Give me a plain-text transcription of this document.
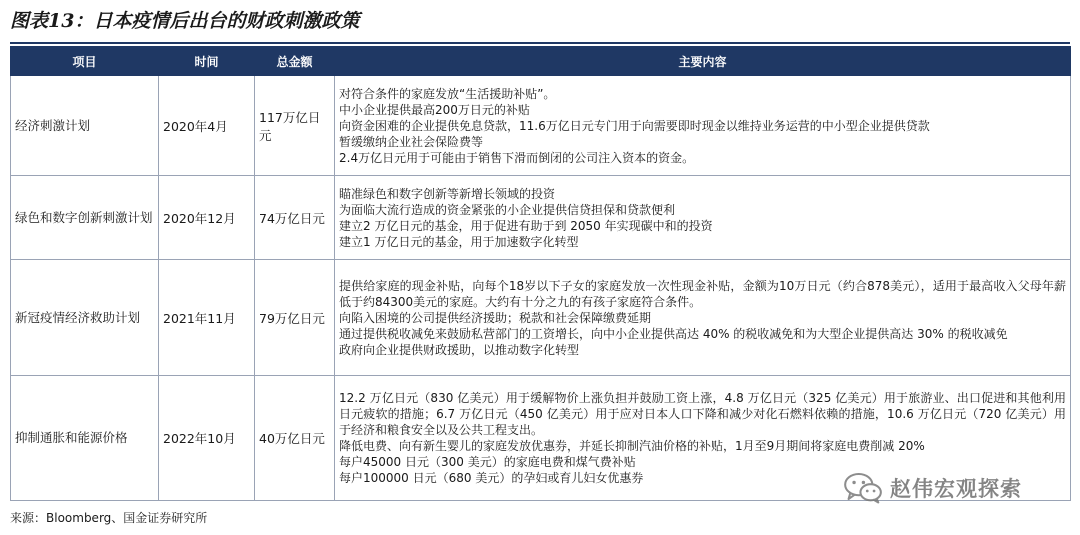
图表13：日本疫情后出台的财政刺激政策
项目	时间	总金额	主要内容
经济刺激计划	2020年4月	117万亿日元	对符合条件的家庭发放“生活援助补贴”。
中小企业提供最高200万日元的补贴
向资金困难的企业提供免息贷款，11.6万亿日元专门用于向需要即时现金以维持业务运营的中小型企业提供贷款
暂缓缴纳企业社会保险费等
2.4万亿日元用于可能由于销售下滑而倒闭的公司注入资本的资金。

绿色和数字创新刺激计划	2020年12月	74万亿日元	瞄准绿色和数字创新等新增长领域的投资
为面临大流行造成的资金紧张的小企业提供信贷担保和贷款便利
建立2 万亿日元的基金，用于促进有助于到 2050 年实现碳中和的投资
建立1 万亿日元的基金，用于加速数字化转型

新冠疫情经济救助计划	2021年11月	79万亿日元	提供给家庭的现金补贴，向每个18岁以下子女的家庭发放一次性现金补贴，金额为10万日元（约合878美元），适用于最高收入父母年薪低于约84300美元的家庭。大约有十分之九的有孩子家庭符合条件。
向陷入困境的公司提供经济援助；税款和社会保障缴费延期
通过提供税收减免来鼓励私营部门的工资增长，向中小企业提供高达 40% 的税收减免和为大型企业提供高达 30% 的税收减免
政府向企业提供财政援助，以推动数字化转型

抑制通胀和能源价格	2022年10月	40万亿日元	12.2 万亿日元（830 亿美元）用于缓解物价上涨负担并鼓励工资上涨，4.8 万亿日元（325 亿美元）用于旅游业、出口促进和其他利用日元疲软的措施；6.7 万亿日元（450 亿美元）用于应对日本人口下降和减少对化石燃料依赖的措施，10.6 万亿日元（720 亿美元）用于经济和粮食安全以及公共工程支出。
降低电费、向有新生婴儿的家庭发放优惠券，并延长抑制汽油价格的补贴，1月至9月期间将家庭电费削减 20%
每户45000 日元（300 美元）的家庭电费和煤气费补贴
每户100000 日元（680 美元）的孕妇或育儿妇女优惠券
来源：Bloomberg、国金证券研究所
赵伟宏观探索
